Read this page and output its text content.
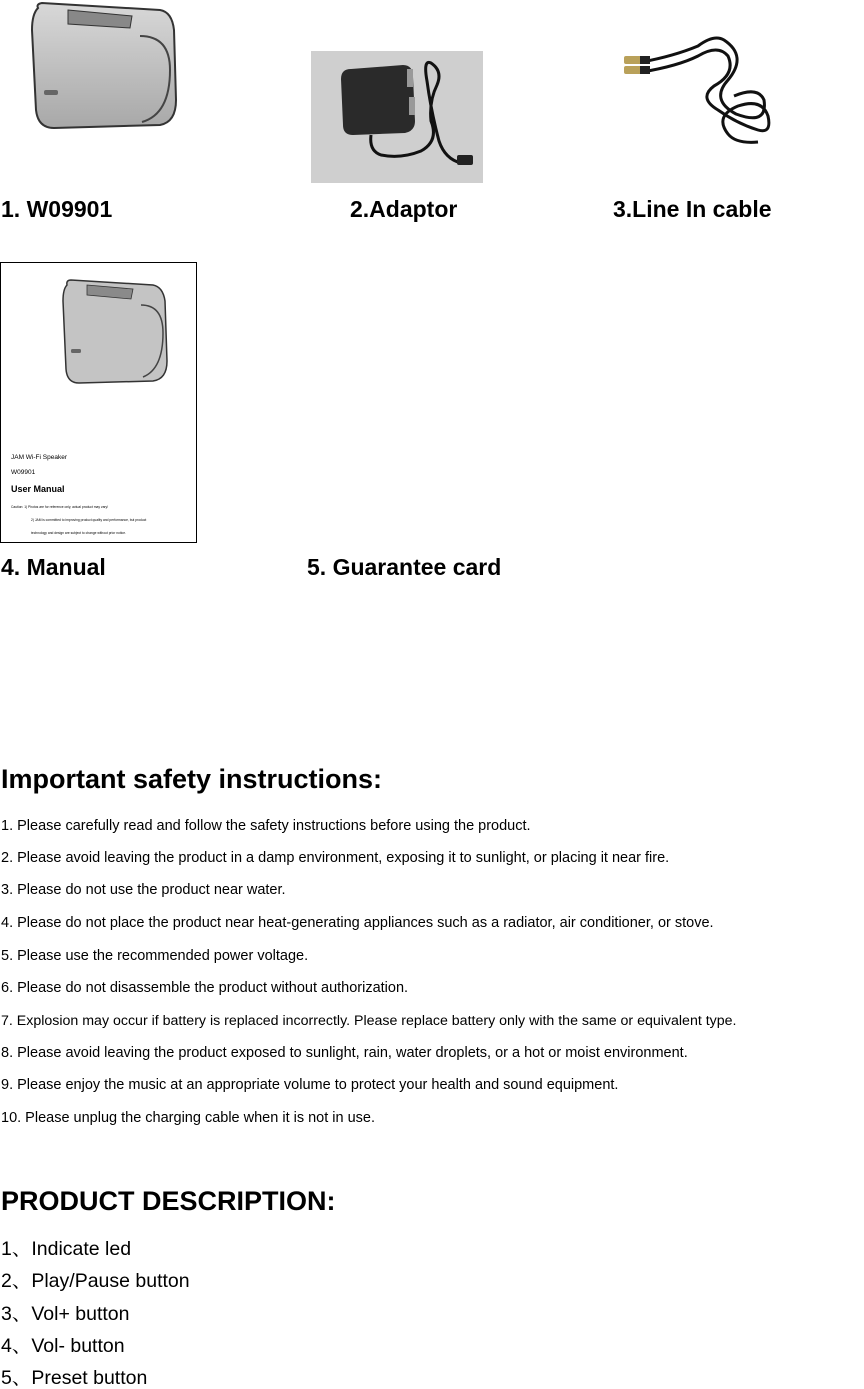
1. W09901	2.Adaptor	3.Line In cable
JAM Wi-Fi Speaker
W09901
User Manual
Caution: 1) Photos are for reference only, actual product may vary!
2) JAM is committed to improving product quality and performance, but product
technology and design are subject to change without prior notice.
4. Manual	5. Guarantee card
Important safety instructions:
1. Please carefully read and follow the safety instructions before using the product.
2. Please avoid leaving the product in a damp environment, exposing it to sunlight, or placing it near fire.
3. Please do not use the product near water.
4. Please do not place the product near heat-generating appliances such as a radiator, air conditioner, or stove.
5. Please use the recommended power voltage.
6. Please do not disassemble the product without authorization.
7. Explosion may occur if battery is replaced incorrectly. Please replace battery only with the same or equivalent type.
8. Please avoid leaving the product exposed to sunlight, rain, water droplets, or a hot or moist environment.
9. Please enjoy the music at an appropriate volume to protect your health and sound equipment.
10. Please unplug the charging cable when it is not in use.
PRODUCT DESCRIPTION:
1、Indicate led
2、Play/Pause button
3、Vol+ button
4、Vol- button
5、Preset button
